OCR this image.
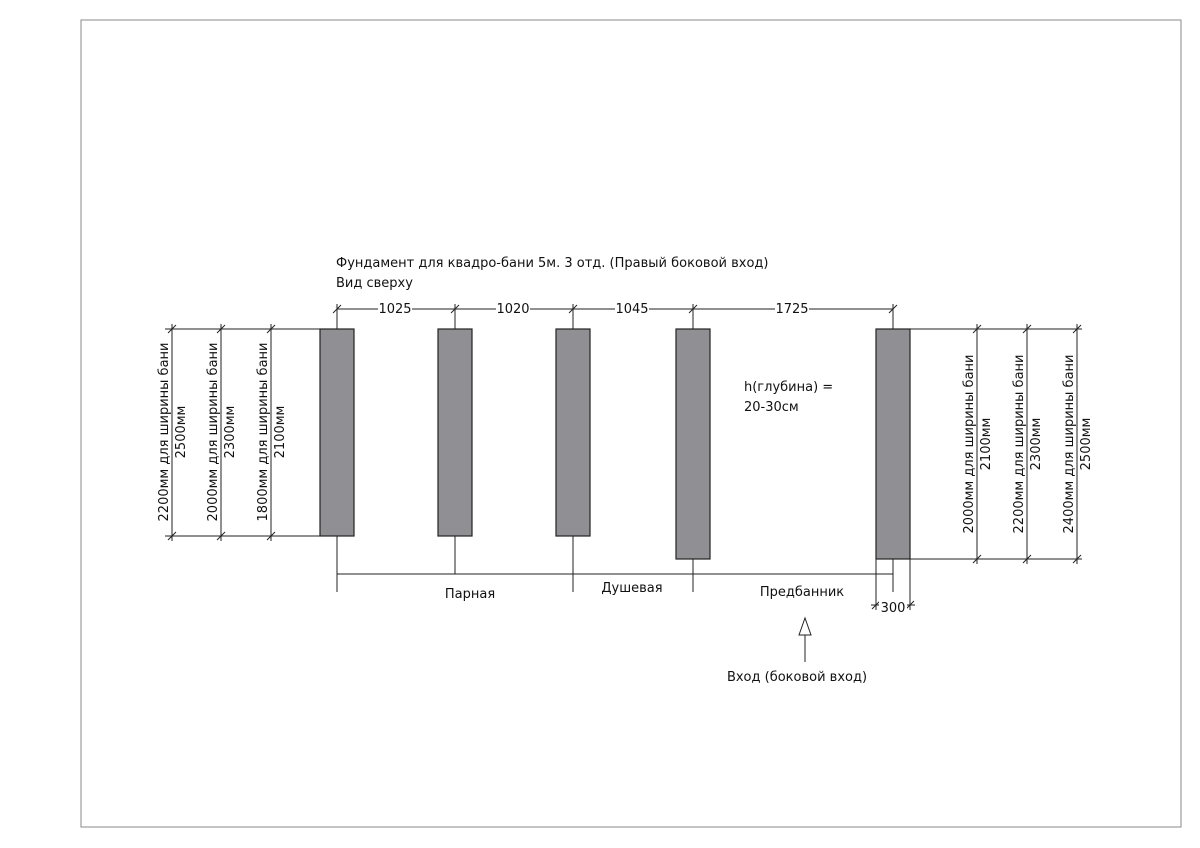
Фундамент для квадро-бани 5м. 3 отд. (Правый боковой вход)
Вид сверху
1025	1020	1045	1725
h(глубина) =
20-30см
2200мм для ширины бани 2500мм 2000мм для ширины бани 2300мм 1800мм для ширины бани 2100мм	2000мм для ширины бани 2100мм 2200мм для ширины бани 2300мм 2400мм для ширины бани 2500мм
Парная	Душевая	Предбанник
300
Вход (боковой вход)
